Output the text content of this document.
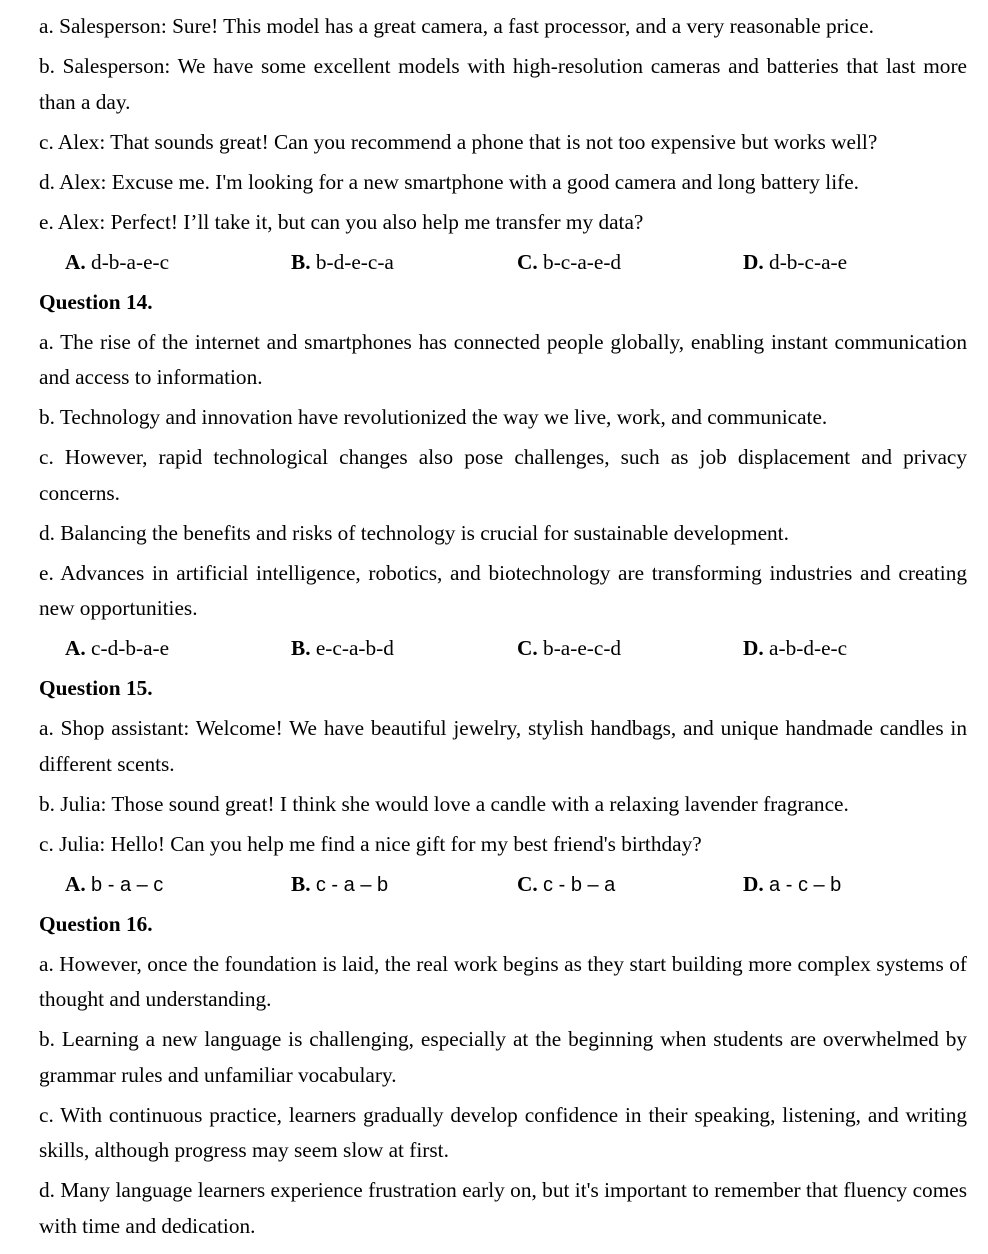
a. Salesperson: Sure! This model has a great camera, a fast processor, and a very reasonable price.

b. Salesperson: We have some excellent models with high-resolution cameras and batteries that last more than a day.

c. Alex: That sounds great! Can you recommend a phone that is not too expensive but works well?

d. Alex: Excuse me. I'm looking for a new smartphone with a good camera and long battery life.

e. Alex: Perfect! I’ll take it, but can you also help me transfer my data?

A. d-b-a-e-c	B. b-d-e-c-a	C. b-c-a-e-d	D. d-b-c-a-e
Question 14.

a. The rise of the internet and smartphones has connected people globally, enabling instant communication and access to information.

b. Technology and innovation have revolutionized the way we live, work, and communicate.

c. However, rapid technological changes also pose challenges, such as job displacement and privacy concerns.

d. Balancing the benefits and risks of technology is crucial for sustainable development.

e. Advances in artificial intelligence, robotics, and biotechnology are transforming industries and creating new opportunities.

A. c-d-b-a-e	B. e-c-a-b-d	C. b-a-e-c-d	D. a-b-d-e-c
Question 15.

a. Shop assistant: Welcome! We have beautiful jewelry, stylish handbags, and unique handmade candles in different scents.

b. Julia: Those sound great! I think she would love a candle with a relaxing lavender fragrance.

c. Julia: Hello! Can you help me find a nice gift for my best friend's birthday?

A. b - a – c	B. c - a – b	C. c - b – a	D. a - c – b
Question 16.

a. However, once the foundation is laid, the real work begins as they start building more complex systems of thought and understanding.

b. Learning a new language is challenging, especially at the beginning when students are overwhelmed by grammar rules and unfamiliar vocabulary.

c. With continuous practice, learners gradually develop confidence in their speaking, listening, and writing skills, although progress may seem slow at first.

d. Many language learners experience frustration early on, but it's important to remember that fluency comes with time and dedication.
